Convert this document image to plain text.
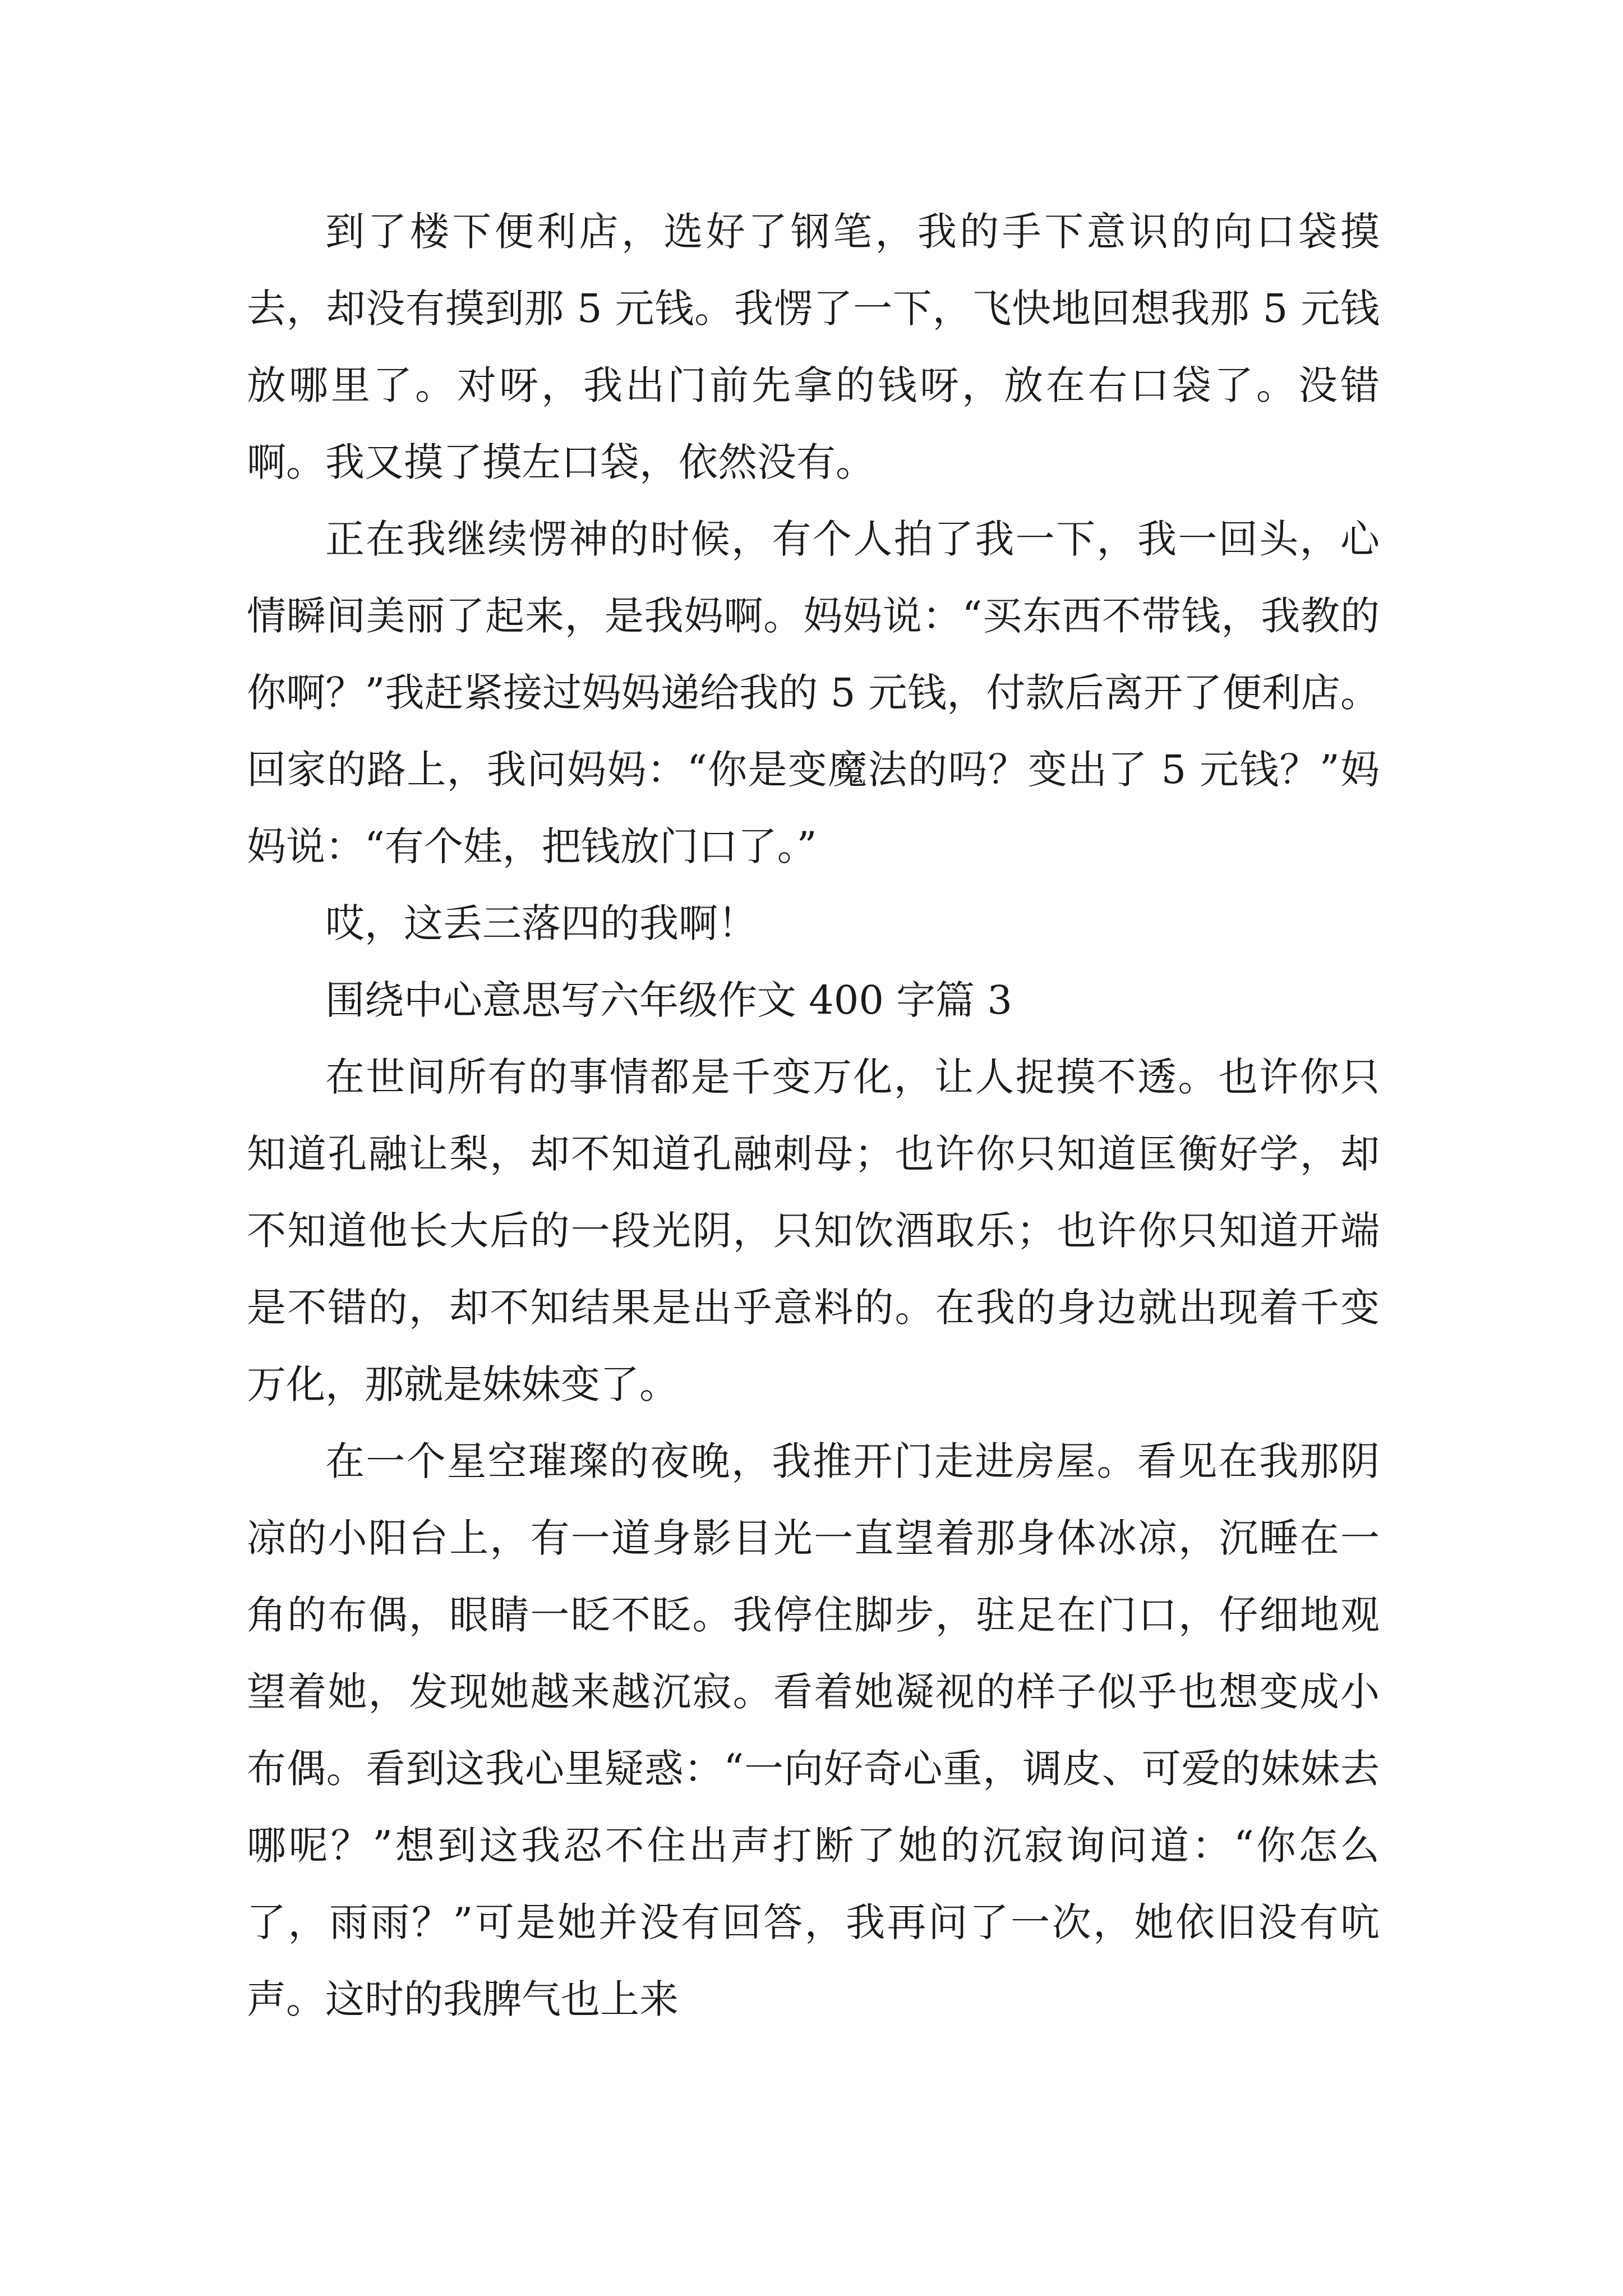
到了楼下便利店，选好了钢笔，我的手下意识的向口袋摸去，却没有摸到那 5 元钱。我愣了一下，飞快地回想我那 5 元钱放哪里了。对呀，我出门前先拿的钱呀，放在右口袋了。没错啊。我又摸了摸左口袋，依然没有。

正在我继续愣神的时候，有个人拍了我一下，我一回头，心情瞬间美丽了起来，是我妈啊。妈妈说：“买东西不带钱，我教的你啊？”我赶紧接过妈妈递给我的 5 元钱，付款后离开了便利店。回家的路上，我问妈妈：“你是变魔法的吗？变出了 5 元钱？”妈妈说：“有个娃，把钱放门口了。”

哎，这丢三落四的我啊！

围绕中心意思写六年级作文 400 字篇 3

在世间所有的事情都是千变万化，让人捉摸不透。也许你只知道孔融让梨，却不知道孔融刺母；也许你只知道匡衡好学，却不知道他长大后的一段光阴，只知饮酒取乐；也许你只知道开端是不错的，却不知结果是出乎意料的。在我的身边就出现着千变万化，那就是妹妹变了。

在一个星空璀璨的夜晚，我推开门走进房屋。看见在我那阴凉的小阳台上，有一道身影目光一直望着那身体冰凉，沉睡在一角的布偶，眼睛一眨不眨。我停住脚步，驻足在门口，仔细地观望着她，发现她越来越沉寂。看着她凝视的样子似乎也想变成小布偶。看到这我心里疑惑：“一向好奇心重，调皮、可爱的妹妹去哪呢？”想到这我忍不住出声打断了她的沉寂询问道：“你怎么了，雨雨？”可是她并没有回答，我再问了一次，她依旧没有吭声。这时的我脾气也上来
